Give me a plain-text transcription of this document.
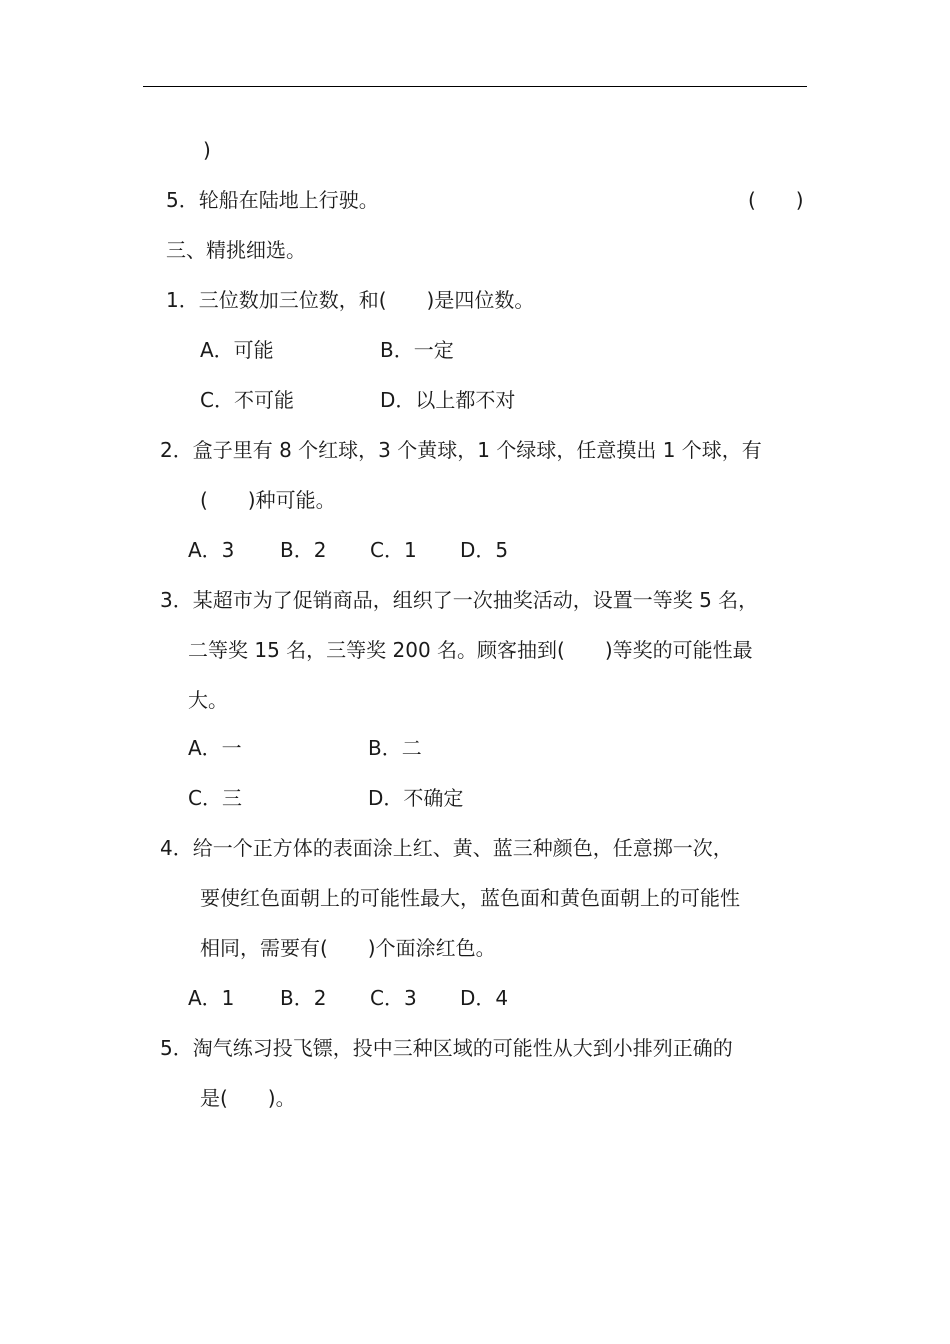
)
5．轮船在陆地上行驶。	(　　)
三、精挑细选。
1．三位数加三位数，和(　　)是四位数。
A．可能	B．一定
C．不可能	D．以上都不对
2．盒子里有 8 个红球，3 个黄球，1 个绿球，任意摸出 1 个球，有
(　　)种可能。
A．3 B．2 C．1 D．5
3．某超市为了促销商品，组织了一次抽奖活动，设置一等奖 5 名，
二等奖 15 名，三等奖 200 名。顾客抽到(　　)等奖的可能性最
大。
A．一	B．二
C．三	D．不确定
4．给一个正方体的表面涂上红、黄、蓝三种颜色，任意掷一次，
要使红色面朝上的可能性最大，蓝色面和黄色面朝上的可能性
相同，需要有(　　)个面涂红色。
A．1 B．2 C．3 D．4
5．淘气练习投飞镖，投中三种区域的可能性从大到小排列正确的
是(　　)。
